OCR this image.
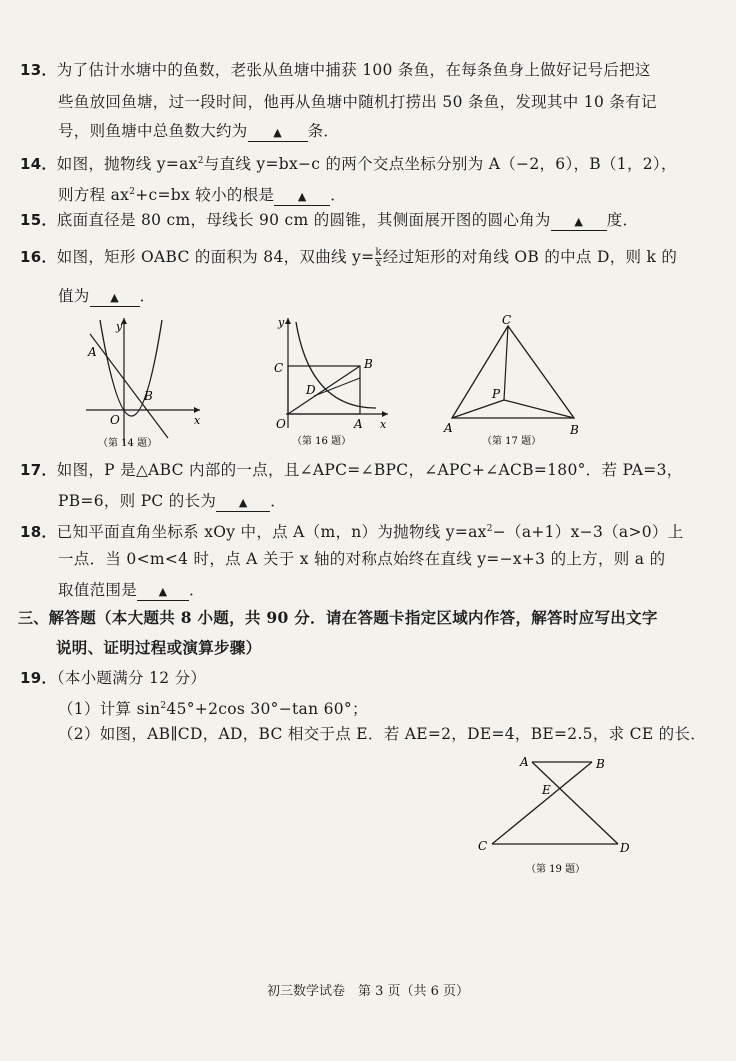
13．为了估计水塘中的鱼数，老张从鱼塘中捕获 100 条鱼，在每条鱼身上做好记号后把这
些鱼放回鱼塘，过一段时间，他再从鱼塘中随机打捞出 50 条鱼，发现其中 10 条有记
号，则鱼塘中总鱼数大约为 ▲ 条．
14．如图，抛物线 $y=ax^2$与直线 y=bx−c 的两个交点坐标分别为 A（−2，6），B（1，2），
则方程 $ax^2+c=bx$ 较小的根是 ▲ ．
15．底面直径是 80 cm，母线长 90 cm 的圆锥，其侧面展开图的圆心角为 ▲ 度．
16．如图，矩形 OABC 的面积为 84，双曲线 $y= \frac{k}{x}$ 经过矩形的对角线 OB 的中点 D，则 k 的
值为 ▲ ．
A
B
O
y
x
（第 14 题）
C	B
D
O	A
y
x
（第 16 题）
C
P
A	B
（第 17 题）
17．如图，P 是△ABC 内部的一点，且∠APC=∠BPC，∠APC+∠ACB=180°．若 PA=3，
PB=6，则 PC 的长为 ▲ ．
18．已知平面直角坐标系 xOy 中，点 A（m，n）为抛物线 $y=ax^2-(a+1)x-3(a>0)$上
一点．当 0<m<4 时，点 A 关于 x 轴的对称点始终在直线 y=−x+3 的上方，则 a 的
取值范围是 ▲ ．
三、解答题（本大题共 8 小题，共 90 分．请在答题卡指定区域内作答，解答时应写出文字
说明、证明过程或演算步骤）
19．（本小题满分 12 分）
（1）计算 $\sin^245^\circ+2\cos$ 30°−tan 60°；
（2）如图，AB∥CD，AD，BC 相交于点 E．若 AE=2，DE=4，BE=2.5，求 CE 的长．
A	B
E
C	D
（第 19 题）
初三数学试卷　第 3 页（共 6 页）
